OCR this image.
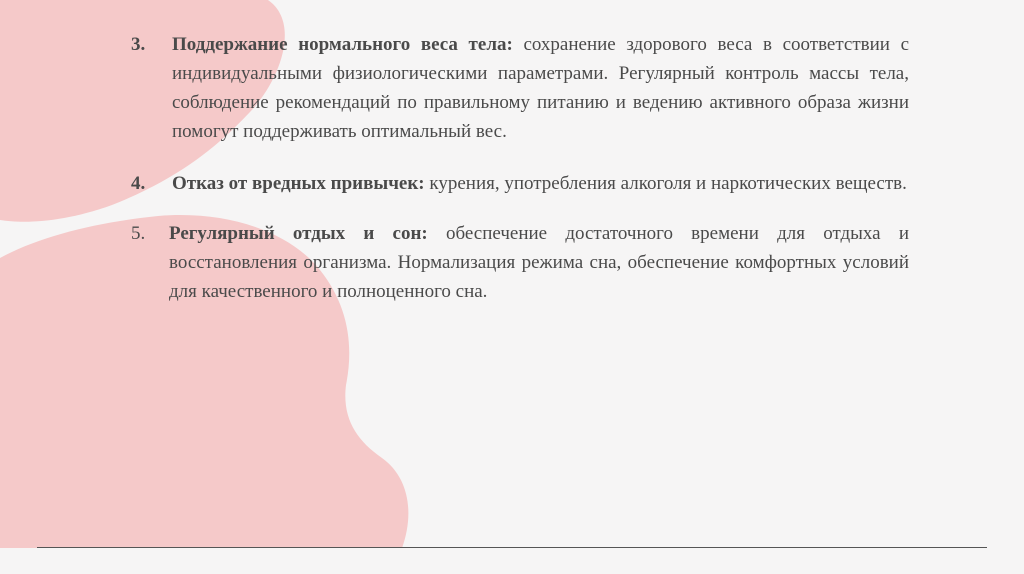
3.	Поддержание нормального веса тела: сохранение здорового веса в соответствии с индивидуальными физиологическими параметрами. Регулярный контроль массы тела, соблюдение рекомендаций по правильному питанию и ведению активного образа жизни помогут поддерживать оптимальный вес.
4.	Отказ от вредных привычек: курения, употребления алкоголя и наркотических веществ.
5.	Регулярный отдых и сон: обеспечение достаточного времени для отдыха и восстановления организма. Нормализация режима сна, обеспечение комфортных условий для качественного и полноценного сна.
